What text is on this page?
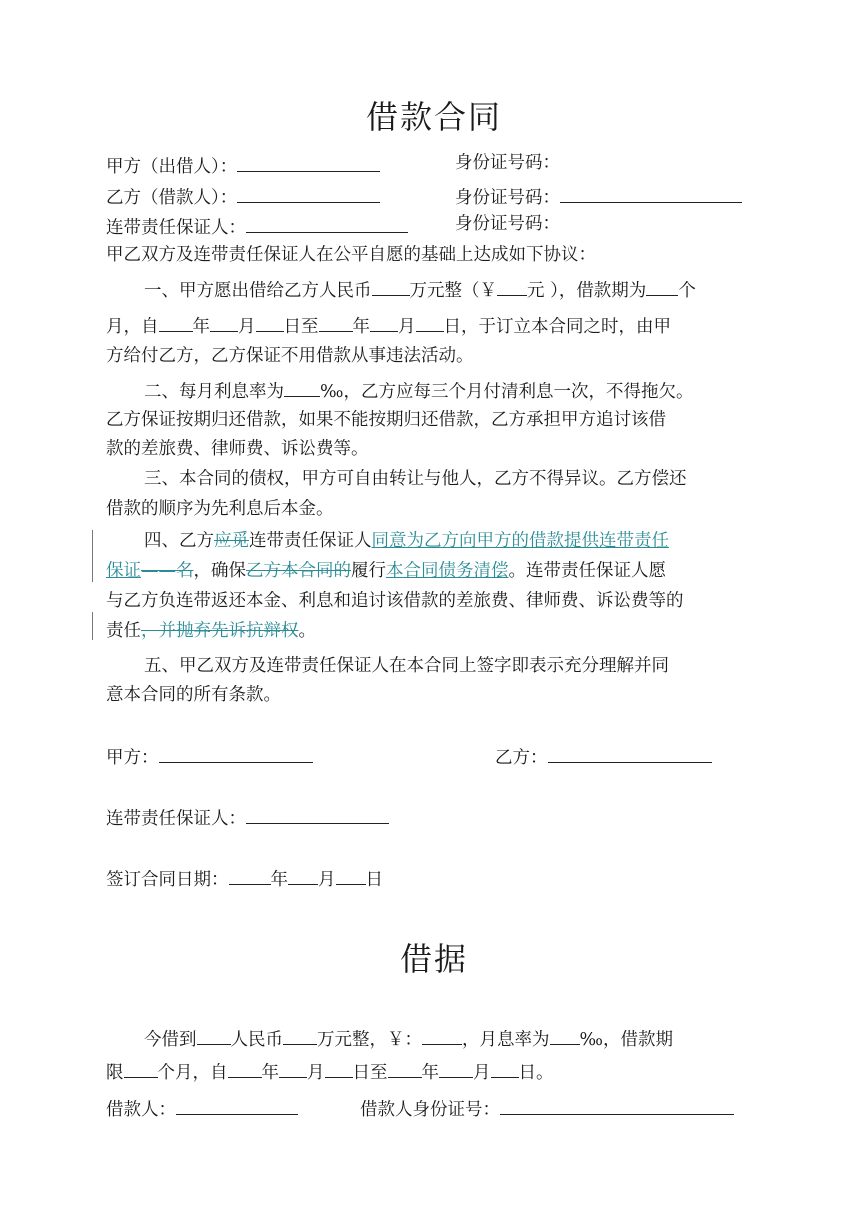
借款合同
甲方（出借人）：	身份证号码：
乙方（借款人）：	身份证号码：
连带责任保证人：	身份证号码：
甲乙双方及连带责任保证人在公平自愿的基础上达成如下协议：
一、甲方愿出借给乙方人民币 万元整（￥ 元 ），借款期为 个
月，自 年 月 日至 年 月 日，于订立本合同之时，由甲
方给付乙方，乙方保证不用借款从事违法活动。
二、每月利息率为 ‰，乙方应每三个月付清利息一次，不得拖欠。
乙方保证按期归还借款，如果不能按期归还借款，乙方承担甲方追讨该借
款的差旅费、律师费、诉讼费等。
三、本合同的债权，甲方可自由转让与他人，乙方不得异议。乙方偿还
借款的顺序为先利息后本金。
四、乙方应觅连带责任保证人同意为乙方向甲方的借款提供连带责任
保证——名，确保乙方本合同的履行本合同债务清偿。连带责任保证人愿
与乙方负连带返还本金、利息和追讨该借款的差旅费、律师费、诉讼费等的
责任，并抛弃先诉抗辩权。
五、甲乙双方及连带责任保证人在本合同上签字即表示充分理解并同
意本合同的所有条款。
甲方：	乙方：
连带责任保证人：
签订合同日期： 年 月 日
借据
今借到 人民币 万元整，￥： ，月息率为 ‰，借款期
限 个月，自 年 月 日至 年 月 日。
借款人：	借款人身份证号：
